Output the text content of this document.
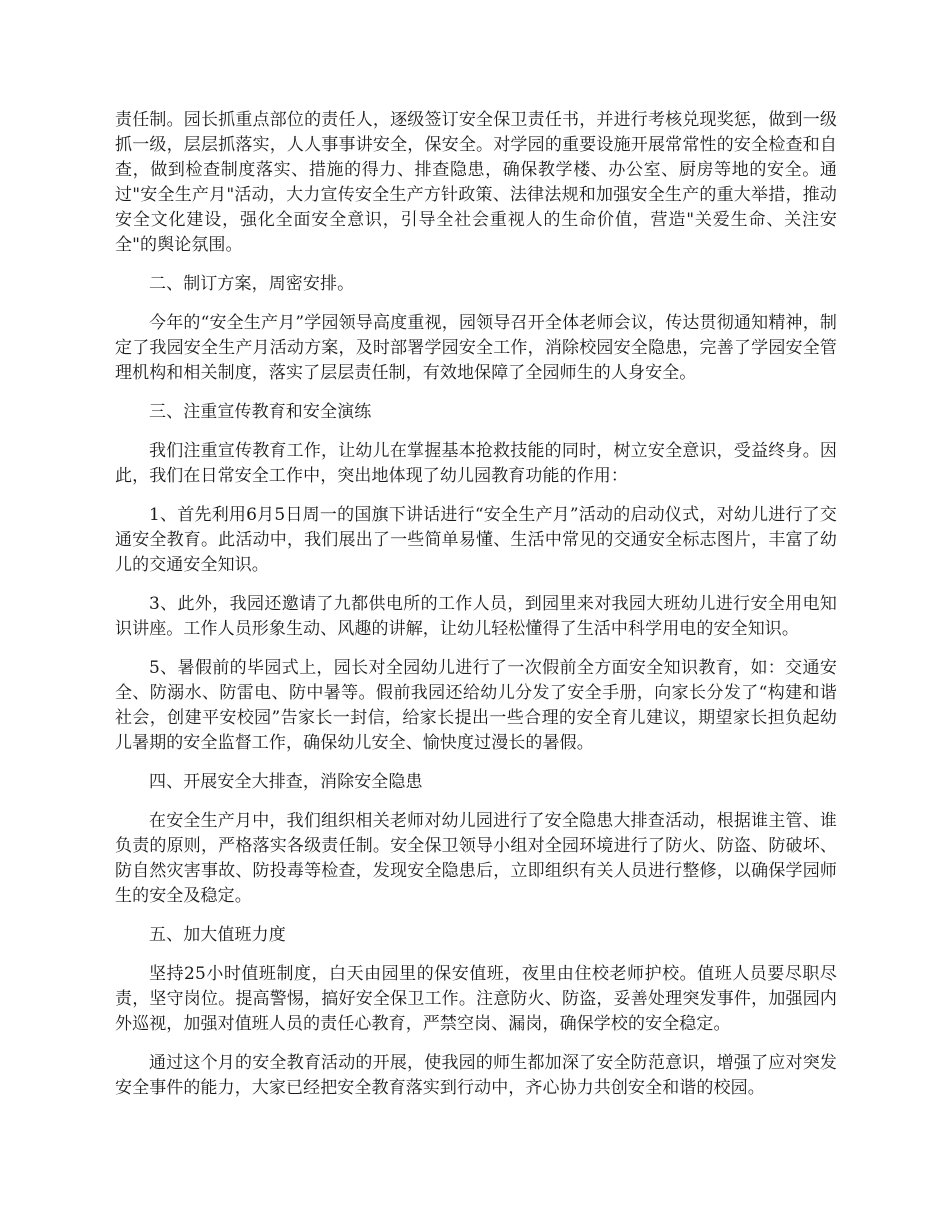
责任制。园长抓重点部位的责任人，逐级签订安全保卫责任书，并进行考核兑现奖惩，做到一级抓一级，层层抓落实，人人事事讲安全，保安全。对学园的重要设施开展常常性的安全检查和自查，做到检查制度落实、措施的得力、排查隐患，确保教学楼、办公室、厨房等地的安全。通过"安全生产月"活动，大力宣传安全生产方针政策、法律法规和加强安全生产的重大举措，推动安全文化建设，强化全面安全意识，引导全社会重视人的生命价值，营造"关爱生命、关注安全"的舆论氛围。

二、制订方案，周密安排。

今年的“安全生产月”学园领导高度重视，园领导召开全体老师会议，传达贯彻通知精神，制定了我园安全生产月活动方案，及时部署学园安全工作，消除校园安全隐患，完善了学园安全管理机构和相关制度，落实了层层责任制，有效地保障了全园师生的人身安全。

三、注重宣传教育和安全演练

我们注重宣传教育工作，让幼儿在掌握基本抢救技能的同时，树立安全意识，受益终身。因此，我们在日常安全工作中，突出地体现了幼儿园教育功能的作用：

1、首先利用6月5日周一的国旗下讲话进行“安全生产月”活动的启动仪式，对幼儿进行了交通安全教育。此活动中，我们展出了一些简单易懂、生活中常见的交通安全标志图片，丰富了幼儿的交通安全知识。

3、此外，我园还邀请了九都供电所的工作人员，到园里来对我园大班幼儿进行安全用电知识讲座。工作人员形象生动、风趣的讲解，让幼儿轻松懂得了生活中科学用电的安全知识。

5、暑假前的毕园式上，园长对全园幼儿进行了一次假前全方面安全知识教育，如：交通安全、防溺水、防雷电、防中暑等。假前我园还给幼儿分发了安全手册，向家长分发了“构建和谐社会，创建平安校园”告家长一封信，给家长提出一些合理的安全育儿建议，期望家长担负起幼儿暑期的安全监督工作，确保幼儿安全、愉快度过漫长的暑假。

四、开展安全大排查，消除安全隐患

在安全生产月中，我们组织相关老师对幼儿园进行了安全隐患大排查活动，根据谁主管、谁负责的原则，严格落实各级责任制。安全保卫领导小组对全园环境进行了防火、防盗、防破坏、防自然灾害事故、防投毒等检查，发现安全隐患后，立即组织有关人员进行整修，以确保学园师生的安全及稳定。

五、加大值班力度

坚持25小时值班制度，白天由园里的保安值班，夜里由住校老师护校。值班人员要尽职尽责，坚守岗位。提高警惕，搞好安全保卫工作。注意防火、防盗，妥善处理突发事件，加强园内外巡视，加强对值班人员的责任心教育，严禁空岗、漏岗，确保学校的安全稳定。

通过这个月的安全教育活动的开展，使我园的师生都加深了安全防范意识，增强了应对突发安全事件的能力，大家已经把安全教育落实到行动中，齐心协力共创安全和谐的校园。
